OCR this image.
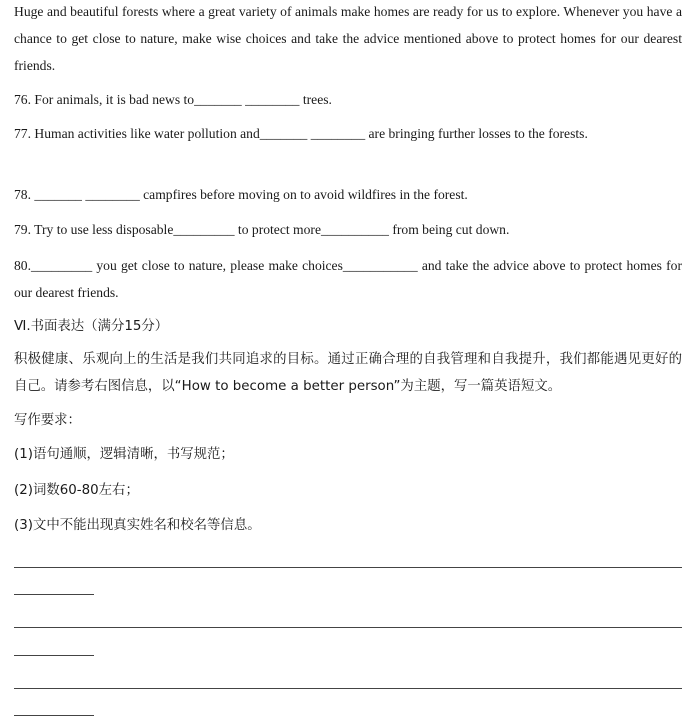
Huge and beautiful forests where a great variety of animals make homes are ready for us to explore. Whenever you have a chance to get close to nature, make wise choices and take the advice mentioned above to protect homes for our dearest friends.

76. For animals, it is bad news to_______ ________ trees.

77. Human activities like water pollution and_______ ________ are bringing further losses to the forests.

78. _______ ________ campfires before moving on to avoid wildfires in the forest.

79. Try to use less disposable_________ to protect more__________ from being cut down.

80._________ you get close to nature, please make choices___________ and take the advice above to protect homes for our dearest friends.

Ⅵ.书面表达（满分15分）

积极健康、乐观向上的生活是我们共同追求的目标。通过正确合理的自我管理和自我提升，我们都能遇见更好的自己。请参考右图信息，以“How to become a better person”为主题，写一篇英语短文。

写作要求：

(1)语句通顺，逻辑清晰，书写规范；

(2)词数60-80左右；

(3)文中不能出现真实姓名和校名等信息。
